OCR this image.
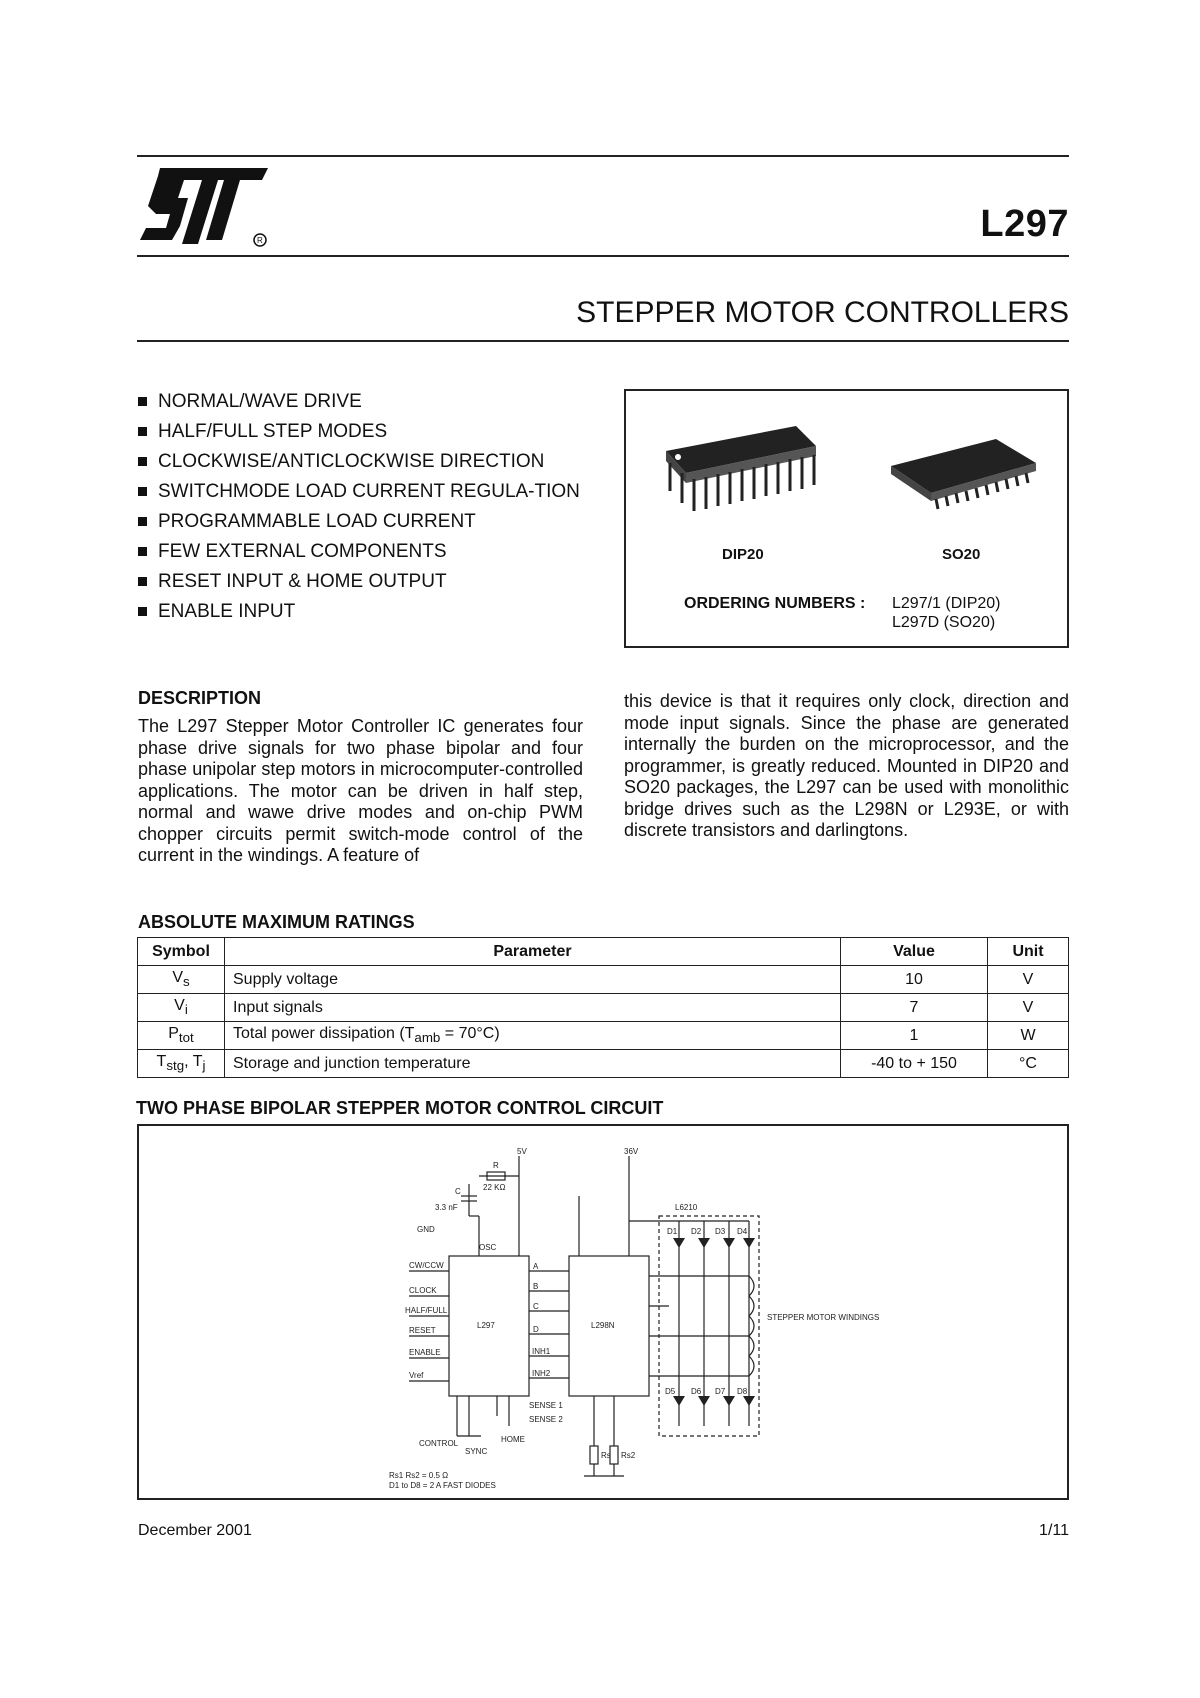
R	L297
STEPPER MOTOR CONTROLLERS
NORMAL/WAVE DRIVE
HALF/FULL STEP MODES
CLOCKWISE/ANTICLOCKWISE DIRECTION
SWITCHMODE LOAD CURRENT REGULA-TION
PROGRAMMABLE LOAD CURRENT
FEW EXTERNAL COMPONENTS
RESET INPUT & HOME OUTPUT
ENABLE INPUT
DIP20	SO20
ORDERING NUMBERS : L297/1 (DIP20)
L297D (SO20)
DESCRIPTION
The L297 Stepper Motor Controller IC generates four phase drive signals for two phase bipolar and four phase unipolar step motors in microcomputer-controlled applications. The motor can be driven in half step, normal and wawe drive modes and on-chip PWM chopper circuits permit switch-mode control of the current in the windings. A feature of
this device is that it requires only clock, direction and mode input signals. Since the phase are generated internally the burden on the microprocessor, and the programmer, is greatly reduced. Mounted in DIP20 and SO20 packages, the L297 can be used with monolithic bridge drives such as the L298N or L293E, or with discrete transistors and darlingtons.
ABSOLUTE MAXIMUM RATINGS
Symbol	Parameter	Value	Unit
$V_s$	Supply voltage	10	V
$V_i$	Input signals	7	V
$P_{tot}$	Total power dissipation $(T_{amb} = 70^\circ C)$	1	W
$T_{stg}$, $T_j$	Storage and junction temperature	-40 to + 150	°C
TWO PHASE BIPOLAR STEPPER MOTOR CONTROL CIRCUIT
5V	36V
R
22 KΩ
C
3.3 nF
GND
OSC
CW/CCW
CLOCK
HALF/FULL
RESET
ENABLE
Vref
L297	L298N
A
B
C
D
INH1
INH2
SENSE 1
SENSE 2
CONTROL
SYNC
HOME
Rs Rs2
L6210
D1 D2 D3 D4
D5 D6 D7 D8
STEPPER MOTOR WINDINGS
Rs1 Rs2 = 0.5 Ω
D1 to D8 = 2 A FAST DIODES
December 2001	1/11
